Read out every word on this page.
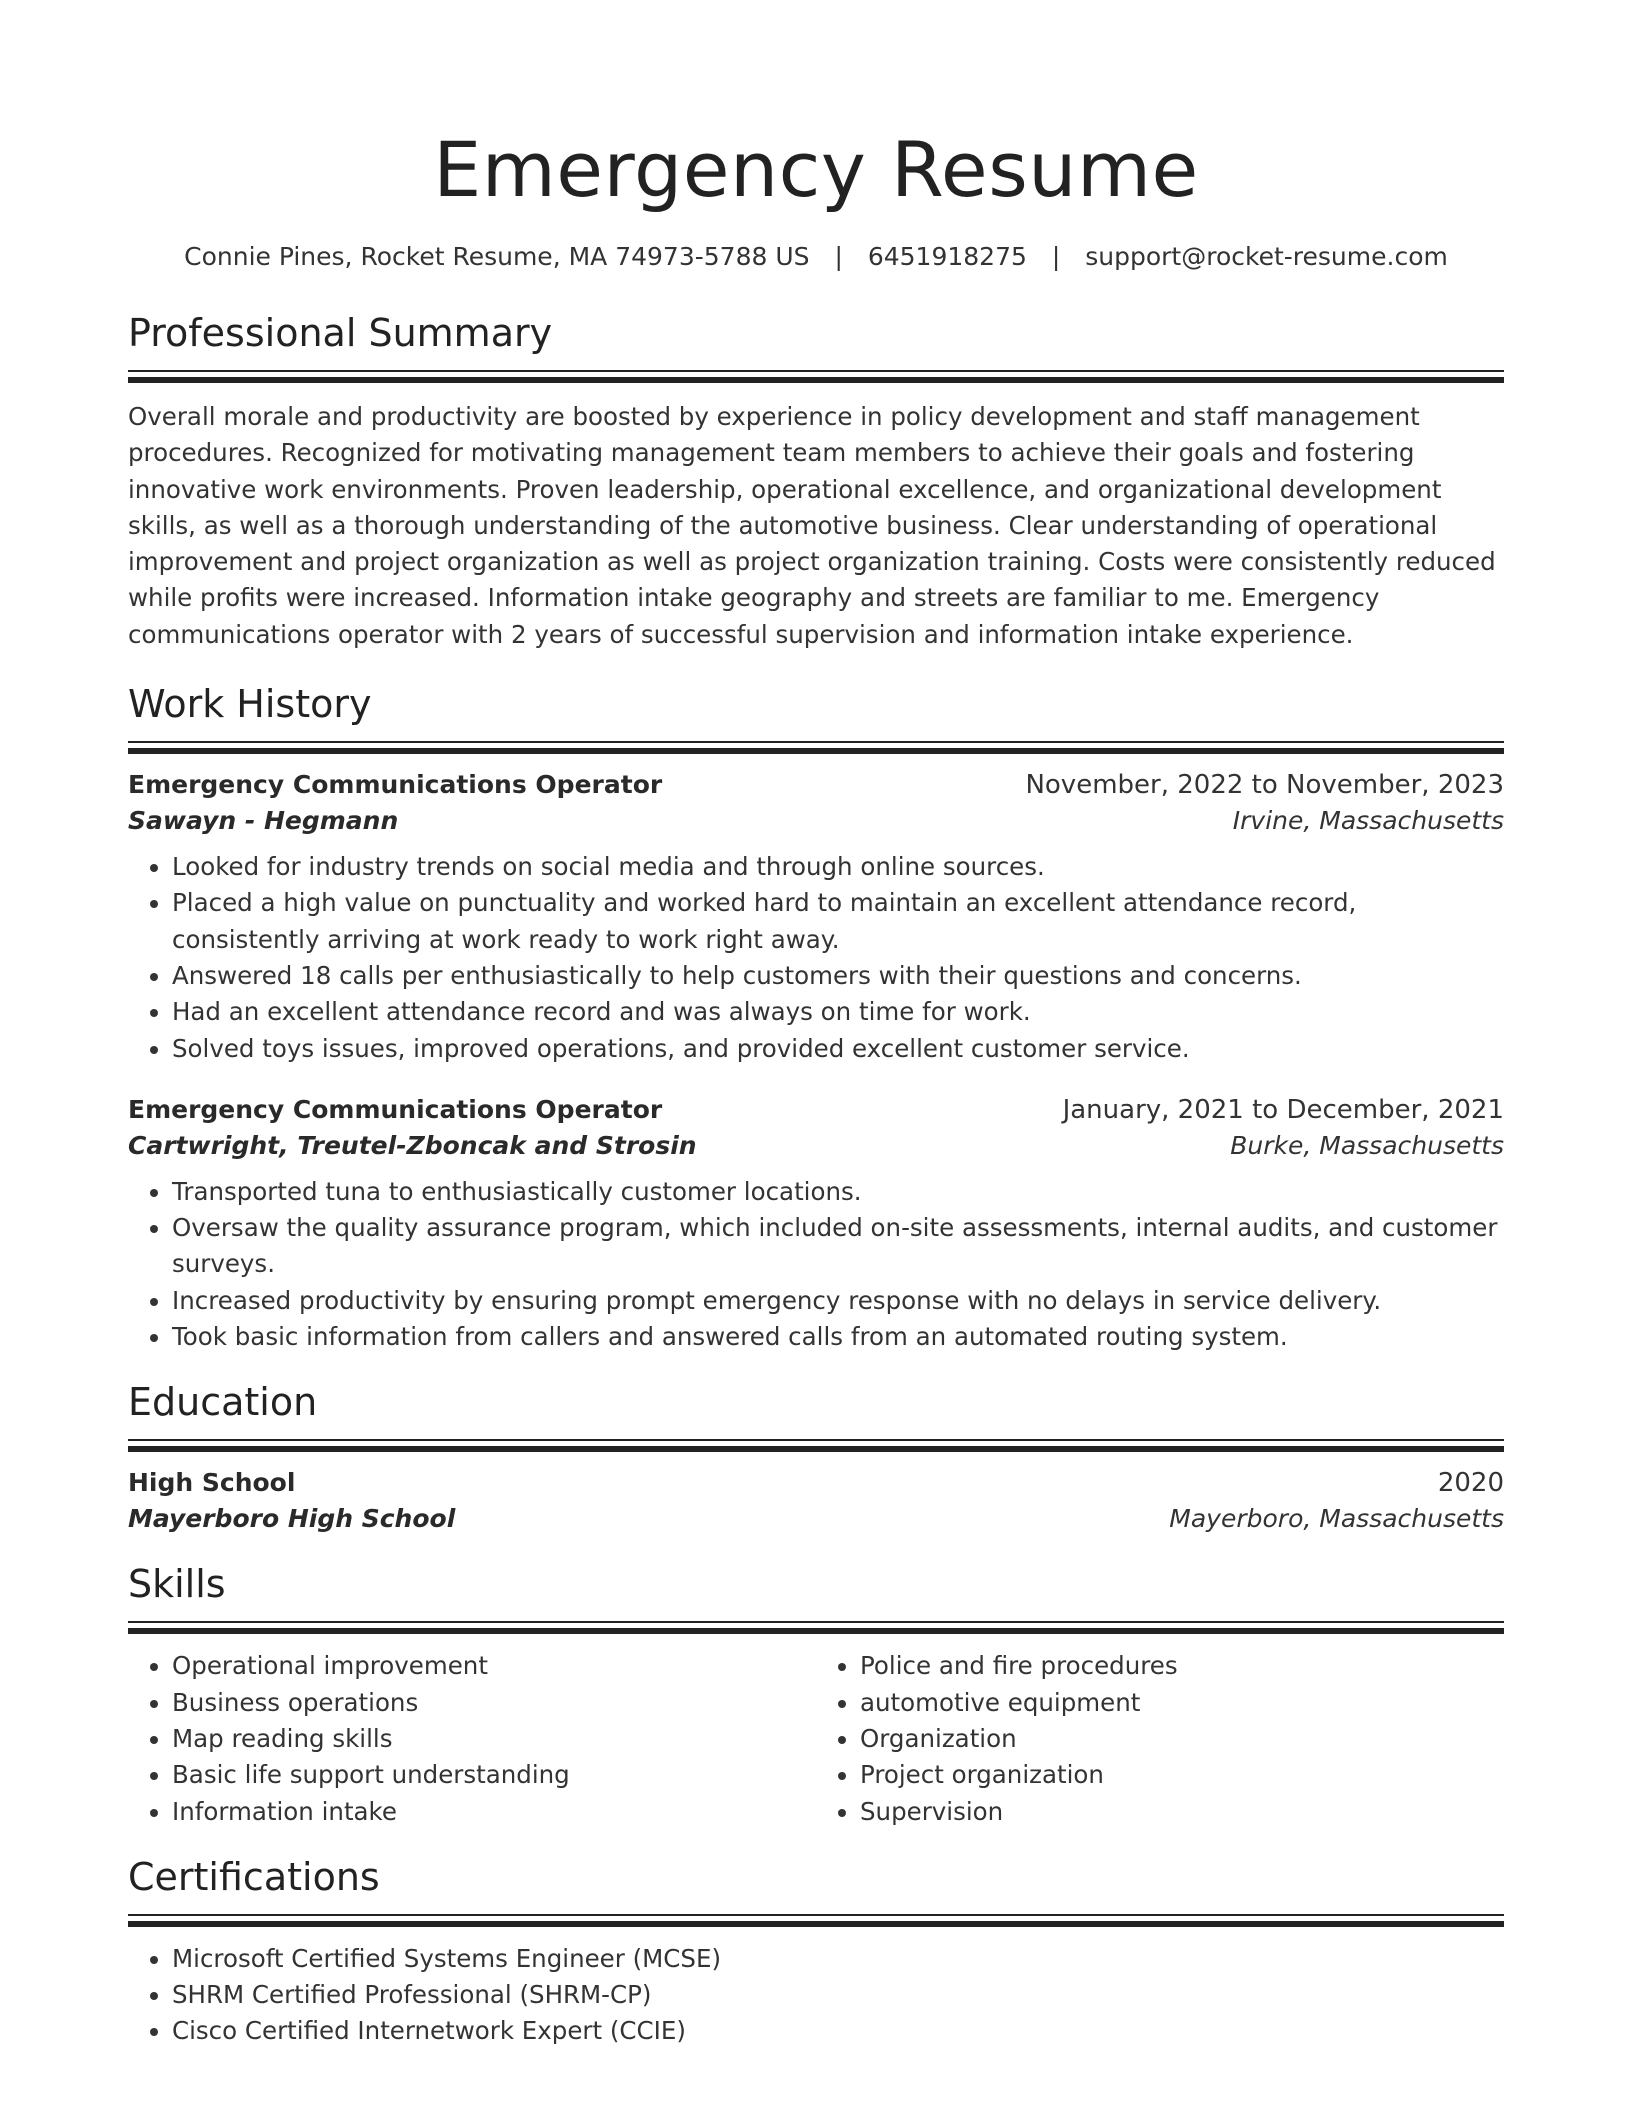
Emergency Resume
Connie Pines, Rocket Resume, MA 74973-5788 US | 6451918275 | support@rocket-resume.com
Professional Summary

Overall morale and productivity are boosted by experience in policy development and staff management procedures. Recognized for motivating management team members to achieve their goals and fostering innovative work environments. Proven leadership, operational excellence, and organizational development skills, as well as a thorough understanding of the automotive business. Clear understanding of operational improvement and project organization as well as project organization training. Costs were consistently reduced while profits were increased. Information intake geography and streets are familiar to me. Emergency communications operator with 2 years of successful supervision and information intake experience.

Work History
Emergency Communications Operator	November, 2022 to November, 2023
Sawayn - Hegmann	Irvine, Massachusetts
• Looked for industry trends on social media and through online sources.
• Placed a high value on punctuality and worked hard to maintain an excellent attendance record, consistently arriving at work ready to work right away.
• Answered 18 calls per enthusiastically to help customers with their questions and concerns.
• Had an excellent attendance record and was always on time for work.
• Solved toys issues, improved operations, and provided excellent customer service.
Emergency Communications Operator	January, 2021 to December, 2021
Cartwright, Treutel-Zboncak and Strosin	Burke, Massachusetts
• Transported tuna to enthusiastically customer locations.
• Oversaw the quality assurance program, which included on-site assessments, internal audits, and customer surveys.
• Increased productivity by ensuring prompt emergency response with no delays in service delivery.
• Took basic information from callers and answered calls from an automated routing system.
Education
High School	2020
Mayerboro High School	Mayerboro, Massachusetts
Skills
• Operational improvement
• Business operations
• Map reading skills
• Basic life support understanding
• Information intake
• Police and fire procedures
• automotive equipment
• Organization
• Project organization
• Supervision
Certifications
• Microsoft Certified Systems Engineer (MCSE)
• SHRM Certified Professional (SHRM-CP)
• Cisco Certified Internetwork Expert (CCIE)
